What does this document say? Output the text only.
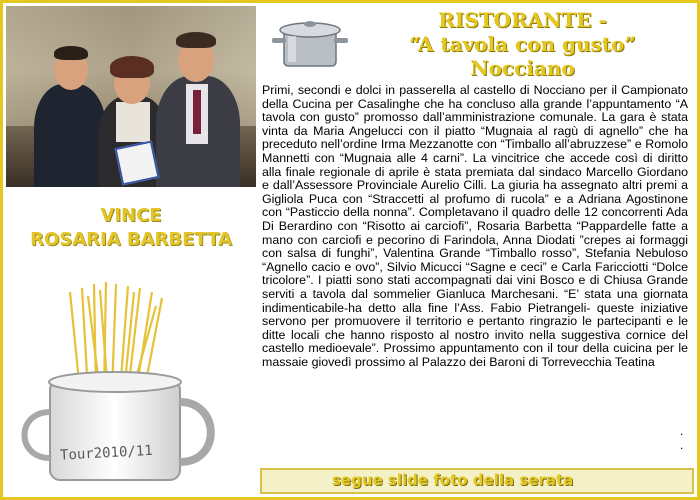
RISTORANTE -
“A tavola con gusto”
Nocciano
VINCE
ROSARIA BARBETTA
Primi, secondi e dolci in passerella al castello di Nocciano per il Campionato della Cucina per Casalinghe che ha concluso alla grande l’appuntamento “A tavola con gusto” promosso dall’amministrazione comunale. La gara è stata vinta da Maria Angelucci con il piatto “Mugnaia al ragù di agnello” che ha preceduto nell’ordine Irma Mezzanotte con “Timballo all’abruzzese” e Romolo Mannetti con “Mugnaia alle 4 carni”. La vincitrice che accede così di diritto alla finale regionale di aprile è stata premiata dal sindaco Marcello Giordano e dall’Assessore Provinciale Aurelio Cilli. La giuria ha assegnato altri premi a Gigliola Puca con “Straccetti al profumo di rucola” e a Adriana Agostinone con “Pasticcio della nonna”. Completavano il quadro delle 12 concorrenti Ada Di Berardino con “Risotto ai carciofi”, Rosaria Barbetta “Pappardelle fatte a mano con carciofi e pecorino di Farindola, Anna Diodati ”crepes ai formaggi con salsa di funghi”, Valentina Grande “Timballo rosso”, Stefania Nebuloso “Agnello cacio e ovo”, Silvio Micucci “Sagne e ceci” e Carla Faricciotti “Dolce tricolore”. I piatti sono stati accompagnati dai vini Bosco e di Chiusa Grande serviti a tavola dal sommelier Gianluca Marchesani. “E’ stata una giornata indimenticabile-ha detto alla fine l’Ass. Fabio Pietrangeli- queste iniziative servono per promuovere il territorio e pertanto ringrazio le partecipanti e le ditte locali che hanno risposto al nostro invito nella suggestiva cornice del castello medioevale”. Prossimo appuntamento con il tour della cuicina per le massaie giovedì prossimo al Palazzo dei Baroni di Torrevecchia Teatina
.
.
Tour2010/11
segue slide foto della serata
